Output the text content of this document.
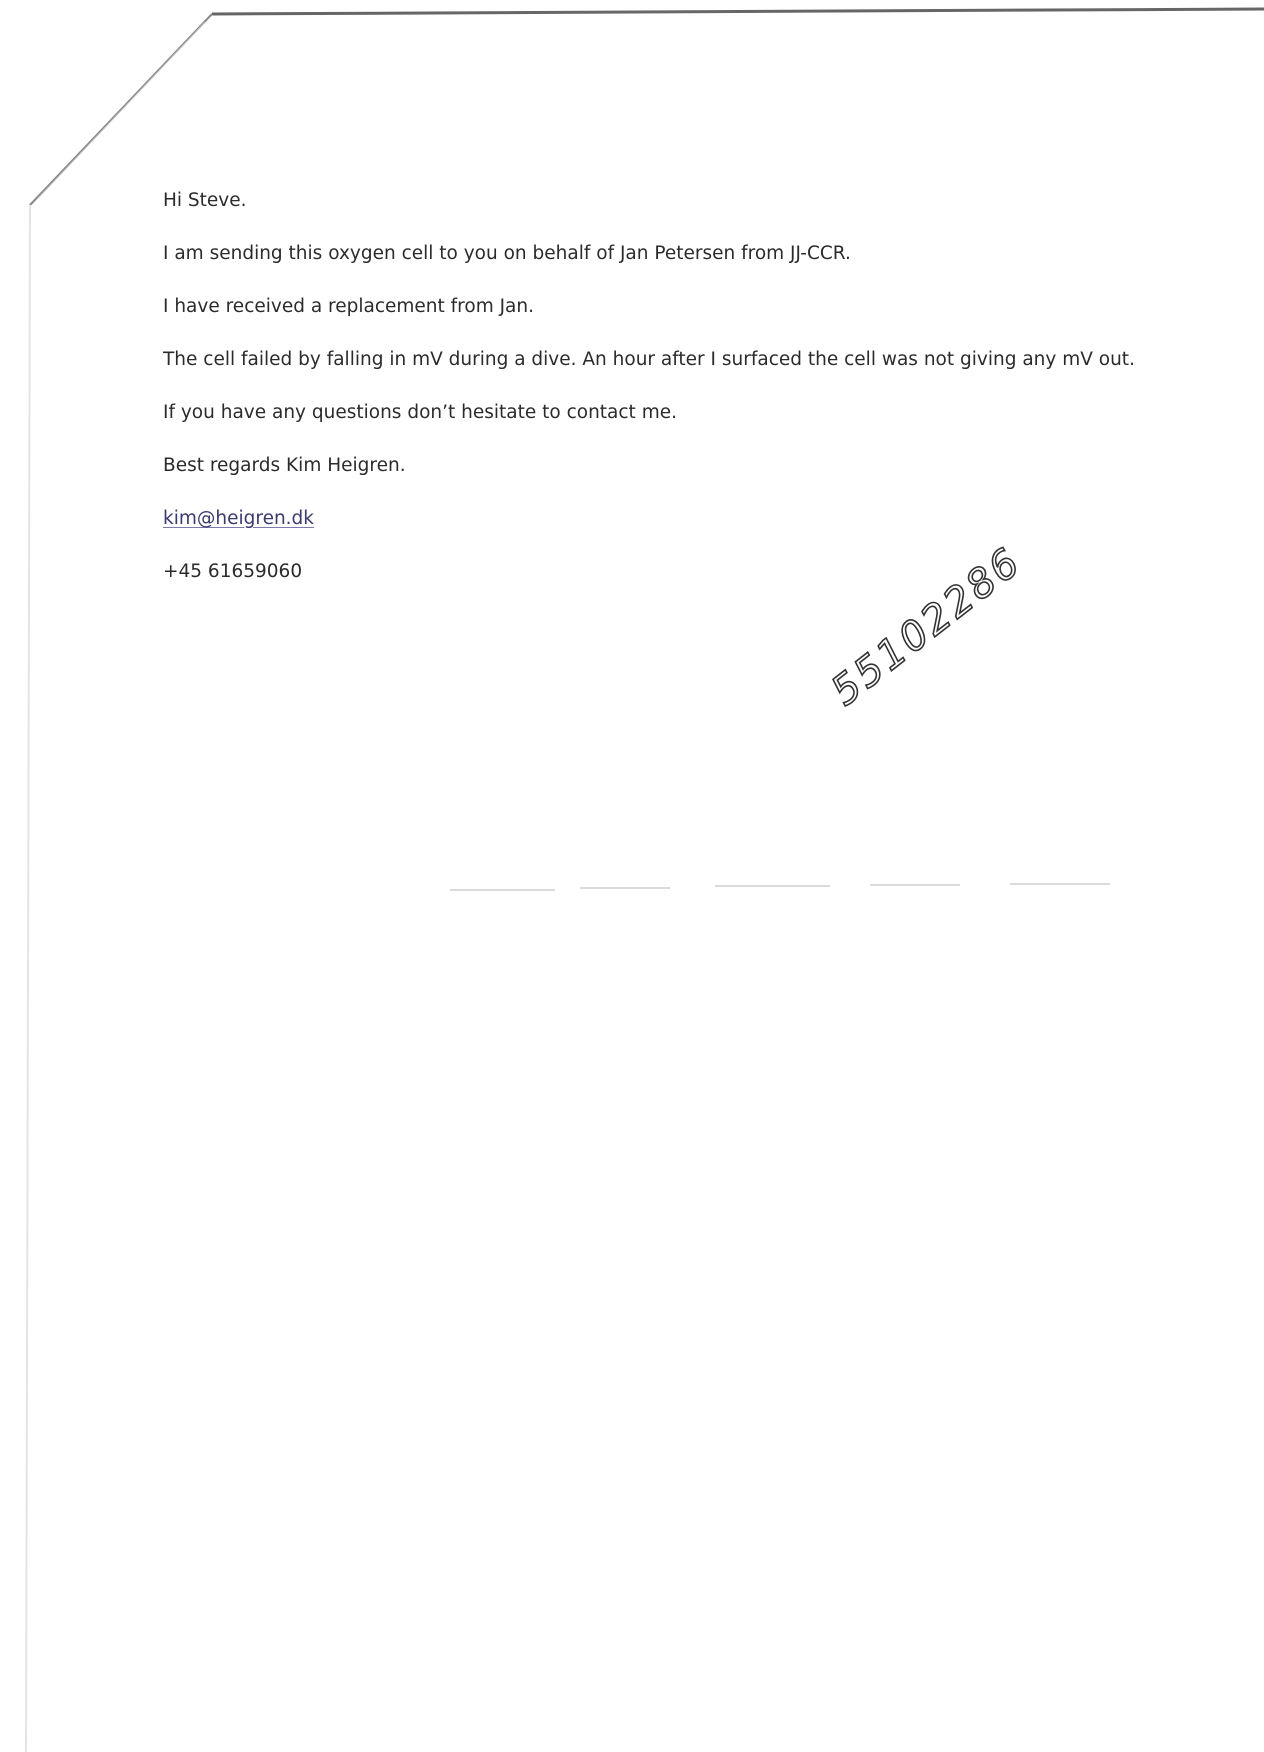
Hi Steve.

I am sending this oxygen cell to you on behalf of Jan Petersen from JJ-CCR.

I have received a replacement from Jan.

The cell failed by falling in mV during a dive. An hour after I surfaced the cell was not giving any mV out.

If you have any questions don’t hesitate to contact me.

Best regards Kim Heigren.

kim@heigren.dk

+45 61659060	55102286
